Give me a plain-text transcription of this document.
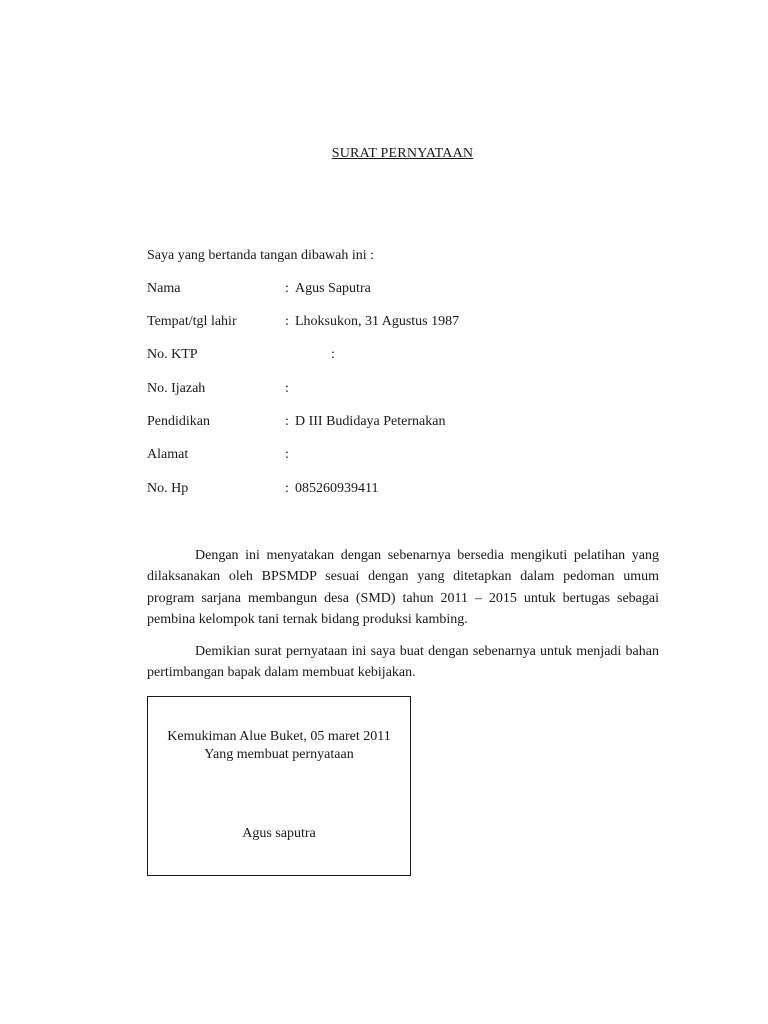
SURAT PERNYATAAN
Saya yang bertanda tangan dibawah ini :
Nama	: Agus Saputra
Tempat/tgl lahir	: Lhoksukon, 31 Agustus 1987
No. KTP	:
No. Ijazah	:
Pendidikan	: D III Budidaya Peternakan
Alamat	:
No. Hp	: 085260939411
Dengan ini menyatakan dengan sebenarnya bersedia mengikuti pelatihan yang dilaksanakan oleh BPSMDP sesuai dengan yang ditetapkan dalam pedoman umum program sarjana membangun desa (SMD) tahun 2011 – 2015 untuk bertugas sebagai pembina kelompok tani ternak bidang produksi kambing.
Demikian surat pernyataan ini saya buat dengan sebenarnya untuk menjadi bahan pertimbangan bapak dalam membuat kebijakan.
Kemukiman Alue Buket, 05 maret 2011
Yang membuat pernyataan
Agus saputra
